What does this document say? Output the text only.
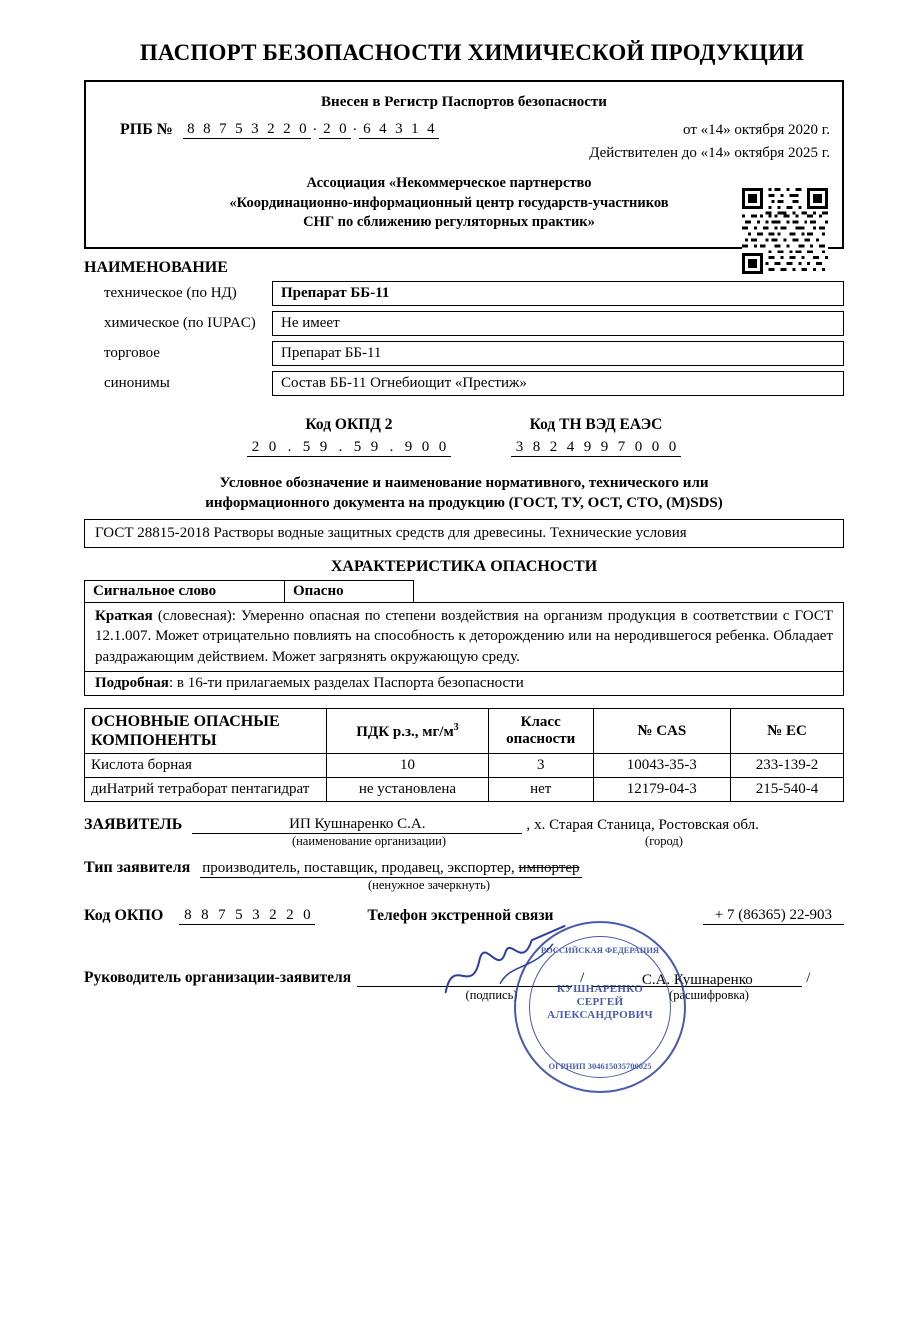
ПАСПОРТ БЕЗОПАСНОСТИ ХИМИЧЕСКОЙ ПРОДУКЦИИ
Внесен в Регистр Паспортов безопасности
РПБ № 8 8 7 5 3 2 2 0 · 2 0 · 6 4 3 1 4	от «14» октября 2020 г.
Действителен до «14» октября 2025 г.
Ассоциация «Некоммерческое партнерство
«Координационно-информационный центр государств-участников
СНГ по сближению регуляторных практик»
НАИМЕНОВАНИЕ
техническое (по НД)	Препарат ББ-11
химическое (по IUPAC)	Не имеет
торговое	Препарат ББ-11
синонимы	Состав ББ-11 Огнебиощит «Престиж»
Код ОКПД 2
2 0 . 5 9 . 5 9 . 9 0 0
Код ТН ВЭД ЕАЭС
3 8 2 4 9 9 7 0 0 0
Условное обозначение и наименование нормативного, технического или
информационного документа на продукцию (ГОСТ, ТУ, ОСТ, СТО, (M)SDS)
ГОСТ 28815-2018 Растворы водные защитных средств для древесины. Технические условия
ХАРАКТЕРИСТИКА ОПАСНОСТИ
Сигнальное слово	Опасно
Краткая (словесная): Умеренно опасная по степени воздействия на организм продукция в соответствии с ГОСТ 12.1.007. Может отрицательно повлиять на способность к деторождению или на неродившегося ребенка. Обладает раздражающим действием. Может загрязнять окружающую среду.
Подробная: в 16-ти прилагаемых разделах Паспорта безопасности
ОСНОВНЫЕ ОПАСНЫЕ КОМПОНЕНТЫ	ПДК р.з., $мг/м^3$	Класс опасности	№ CAS	№ ЕС
Кислота борная	10	3	10043-35-3	233-139-2
диНатрий тетраборат пентагидрат	не установлена	нет	12179-04-3	215-540-4
ЗАЯВИТЕЛЬ	ИП Кушнаренко С.А.	, х. Старая Станица, Ростовская обл.
(наименование организации)	(город)
Тип заявителя производитель, поставщик, продавец, экспортер, импортер
(ненужное зачеркнуть)
Код ОКПО	8 8 7 5 3 2 2 0	Телефон экстренной связи	+ 7 (86365) 22-903
Руководитель организации-заявителя	/	С.А. Кушнаренко	/
РОССИЙСКАЯ ФЕДЕРАЦИЯ
КУШНАРЕНКО
СЕРГЕЙ
АЛЕКСАНДРОВИЧ
ОГРНИП 304615035700025
(подпись)	(расшифровка)
